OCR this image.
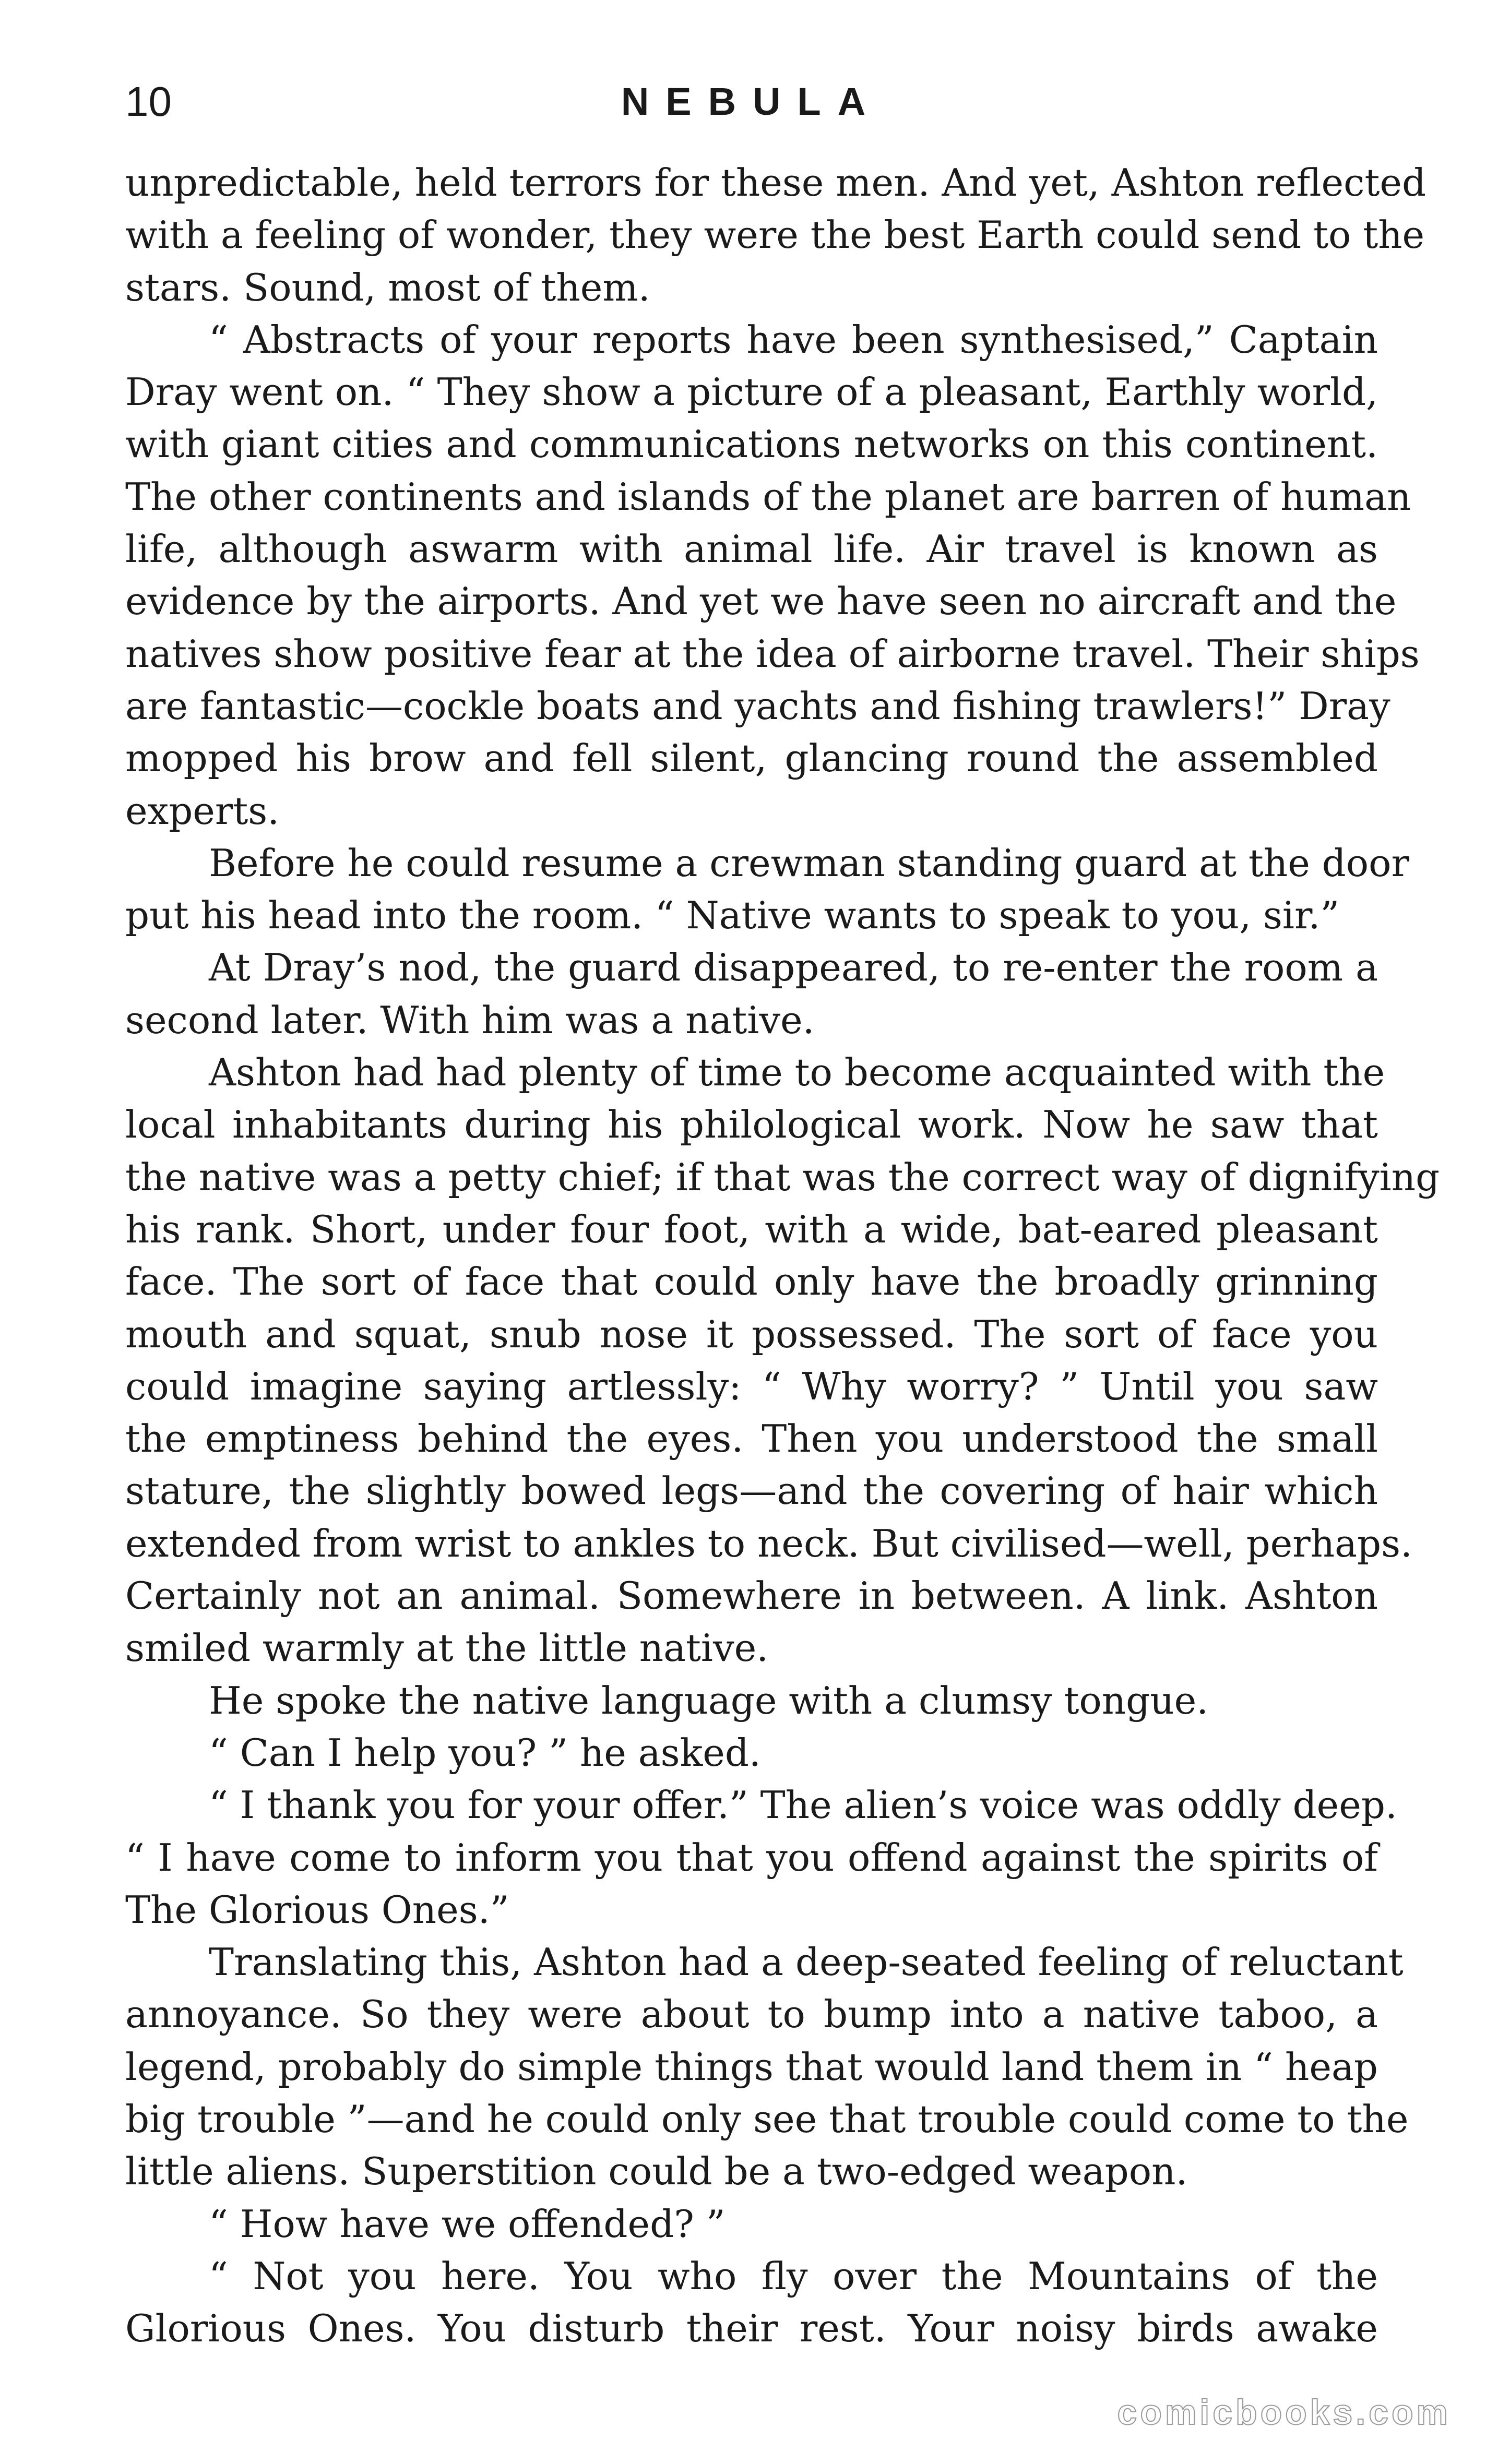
10	NEBULA
unpredictable, held terrors for these men. And yet, Ashton reflected
with a feeling of wonder, they were the best Earth could send to the
stars. Sound, most of them.
“ Abstracts of your reports have been synthesised,” Captain
Dray went on. “ They show a picture of a pleasant, Earthly world,
with giant cities and communications networks on this continent.
The other continents and islands of the planet are barren of human
life, although aswarm with animal life. Air travel is known as
evidence by the airports. And yet we have seen no aircraft and the
natives show positive fear at the idea of airborne travel. Their ships
are fantastic—cockle boats and yachts and fishing trawlers!” Dray
mopped his brow and fell silent, glancing round the assembled
experts.
Before he could resume a crewman standing guard at the door
put his head into the room. “ Native wants to speak to you, sir.”
At Dray’s nod, the guard disappeared, to re-enter the room a
second later. With him was a native.
Ashton had had plenty of time to become acquainted with the
local inhabitants during his philological work. Now he saw that
the native was a petty chief; if that was the correct way of dignifying
his rank. Short, under four foot, with a wide, bat-eared pleasant
face. The sort of face that could only have the broadly grinning
mouth and squat, snub nose it possessed. The sort of face you
could imagine saying artlessly: “ Why worry? ” Until you saw
the emptiness behind the eyes. Then you understood the small
stature, the slightly bowed legs—and the covering of hair which
extended from wrist to ankles to neck. But civilised—well, perhaps.
Certainly not an animal. Somewhere in between. A link. Ashton
smiled warmly at the little native.
He spoke the native language with a clumsy tongue.
“ Can I help you? ” he asked.
“ I thank you for your offer.” The alien’s voice was oddly deep.
“ I have come to inform you that you offend against the spirits of
The Glorious Ones.”
Translating this, Ashton had a deep-seated feeling of reluctant
annoyance. So they were about to bump into a native taboo, a
legend, probably do simple things that would land them in “ heap
big trouble ”—and he could only see that trouble could come to the
little aliens. Superstition could be a two-edged weapon.
“ How have we offended? ”
“ Not you here. You who fly over the Mountains of the
Glorious Ones. You disturb their rest. Your noisy birds awake
comicbooks.com
